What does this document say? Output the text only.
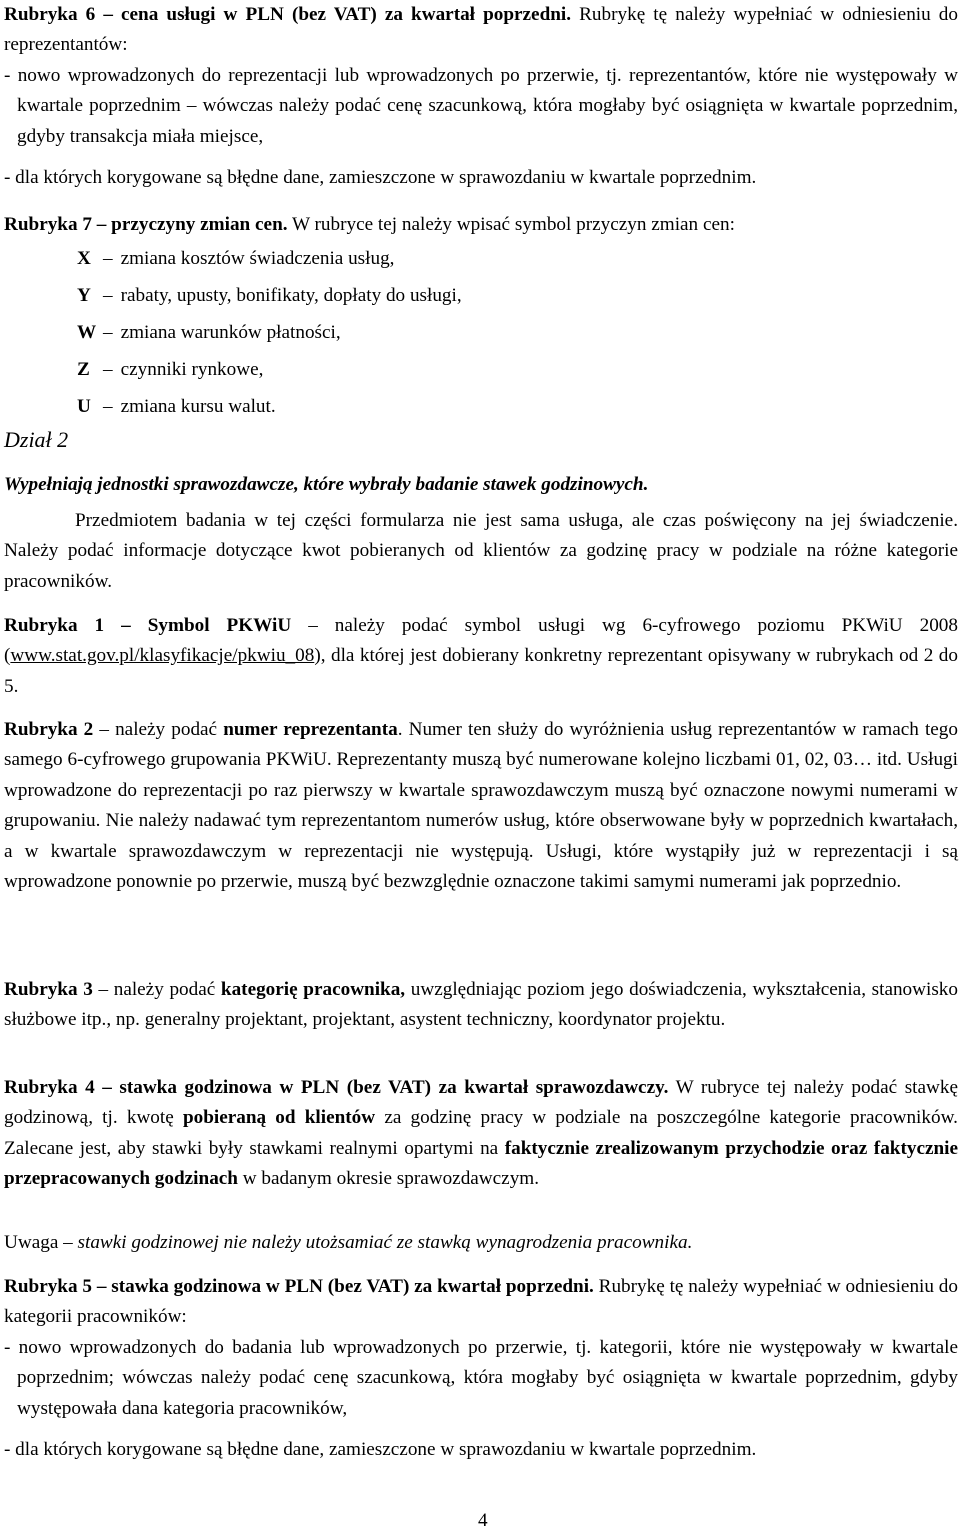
Rubryka 6 – cena usługi w PLN (bez VAT) za kwartał poprzedni. Rubrykę tę należy wypełniać w odniesieniu do reprezentantów:

- nowo wprowadzonych do reprezentacji lub wprowadzonych po przerwie, tj. reprezentantów, które nie występowały w kwartale poprzednim – wówczas należy podać cenę szacunkową, która mogłaby być osiągnięta w kwartale poprzednim, gdyby transakcja miała miejsce,

- dla których korygowane są błędne dane, zamieszczone w sprawozdaniu w kwartale poprzednim.

Rubryka 7 – przyczyny zmian cen. W rubryce tej należy wpisać symbol przyczyn zmian cen:

X – zmiana kosztów świadczenia usług,
Y – rabaty, upusty, bonifikaty, dopłaty do usługi,
W – zmiana warunków płatności,
Z – czynniki rynkowe,
U – zmiana kursu walut.
Dział 2

Wypełniają jednostki sprawozdawcze, które wybrały badanie stawek godzinowych.

Przedmiotem badania w tej części formularza nie jest sama usługa, ale czas poświęcony na jej świadczenie. Należy podać informacje dotyczące kwot pobieranych od klientów za godzinę pracy w podziale na różne kategorie pracowników.

Rubryka 1 – Symbol PKWiU – należy podać symbol usługi wg 6-cyfrowego poziomu PKWiU 2008 (www.stat.gov.pl/klasyfikacje/pkwiu_08), dla której jest dobierany konkretny reprezentant opisywany w rubrykach od 2 do 5.

Rubryka 2 – należy podać numer reprezentanta. Numer ten służy do wyróżnienia usług reprezentantów w ramach tego samego 6-cyfrowego grupowania PKWiU. Reprezentanty muszą być numerowane kolejno liczbami 01, 02, 03… itd. Usługi wprowadzone do reprezentacji po raz pierwszy w kwartale sprawozdawczym muszą być oznaczone nowymi numerami w grupowaniu. Nie należy nadawać tym reprezentantom numerów usług, które obserwowane były w poprzednich kwartałach, a w kwartale sprawozdawczym w reprezentacji nie występują. Usługi, które wystąpiły już w reprezentacji i są wprowadzone ponownie po przerwie, muszą być bezwzględnie oznaczone takimi samymi numerami jak poprzednio.

Rubryka 3 – należy podać kategorię pracownika, uwzględniając poziom jego doświadczenia, wykształcenia, stanowisko służbowe itp., np. generalny projektant, projektant, asystent techniczny, koordynator projektu.

Rubryka 4 – stawka godzinowa w PLN (bez VAT) za kwartał sprawozdawczy. W rubryce tej należy podać stawkę godzinową, tj. kwotę pobieraną od klientów za godzinę pracy w podziale na poszczególne kategorie pracowników. Zalecane jest, aby stawki były stawkami realnymi opartymi na faktycznie zrealizowanym przychodzie oraz faktycznie przepracowanych godzinach w badanym okresie sprawozdawczym.

Uwaga – stawki godzinowej nie należy utożsamiać ze stawką wynagrodzenia pracownika.

Rubryka 5 – stawka godzinowa w PLN (bez VAT) za kwartał poprzedni. Rubrykę tę należy wypełniać w odniesieniu do kategorii pracowników:

- nowo wprowadzonych do badania lub wprowadzonych po przerwie, tj. kategorii, które nie występowały w kwartale poprzednim; wówczas należy podać cenę szacunkową, która mogłaby być osiągnięta w kwartale poprzednim, gdyby występowała dana kategoria pracowników,

- dla których korygowane są błędne dane, zamieszczone w sprawozdaniu w kwartale poprzednim.

4
